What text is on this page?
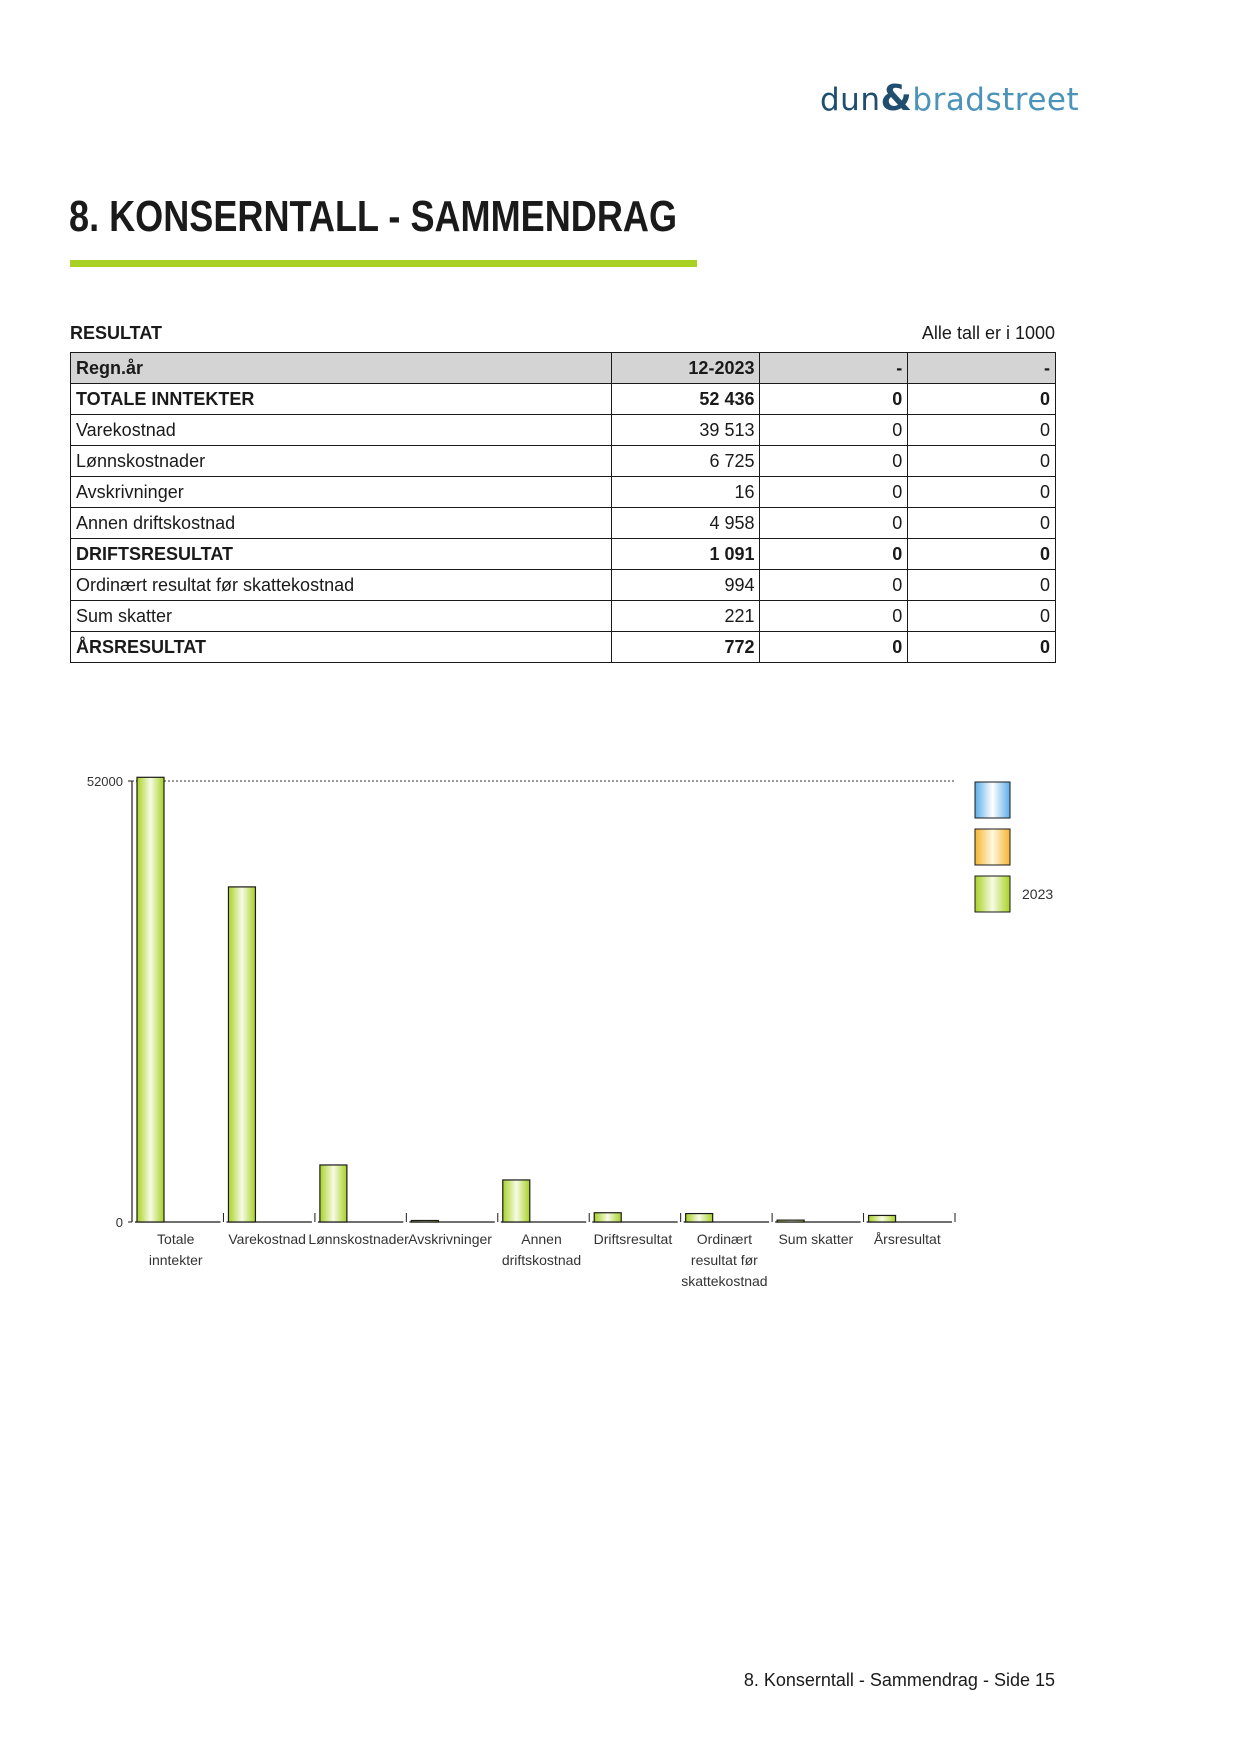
dun&bradstreet
8. KONSERNTALL - SAMMENDRAG
RESULTAT	Alle tall er i 1000
Regn.år	12-2023	-	-
TOTALE INNTEKTER	52 436	0	0
Varekostnad	39 513	0	0
Lønnskostnader	6 725	0	0
Avskrivninger	16	0	0
Annen driftskostnad	4 958	0	0
DRIFTSRESULTAT	1 091	0	0
Ordinært resultat før skattekostnad	994	0	0
Sum skatter	221	0	0
ÅRSRESULTAT	772	0	0
52000
0
Totale
inntekter
Varekostnad Lønnskostnader Avskrivninger Annen
driftskostnad
Driftsresultat Ordinært
resultat før
skattekostnad
Sum skatter Årsresultat
2023
8. Konserntall - Sammendrag - Side 15
